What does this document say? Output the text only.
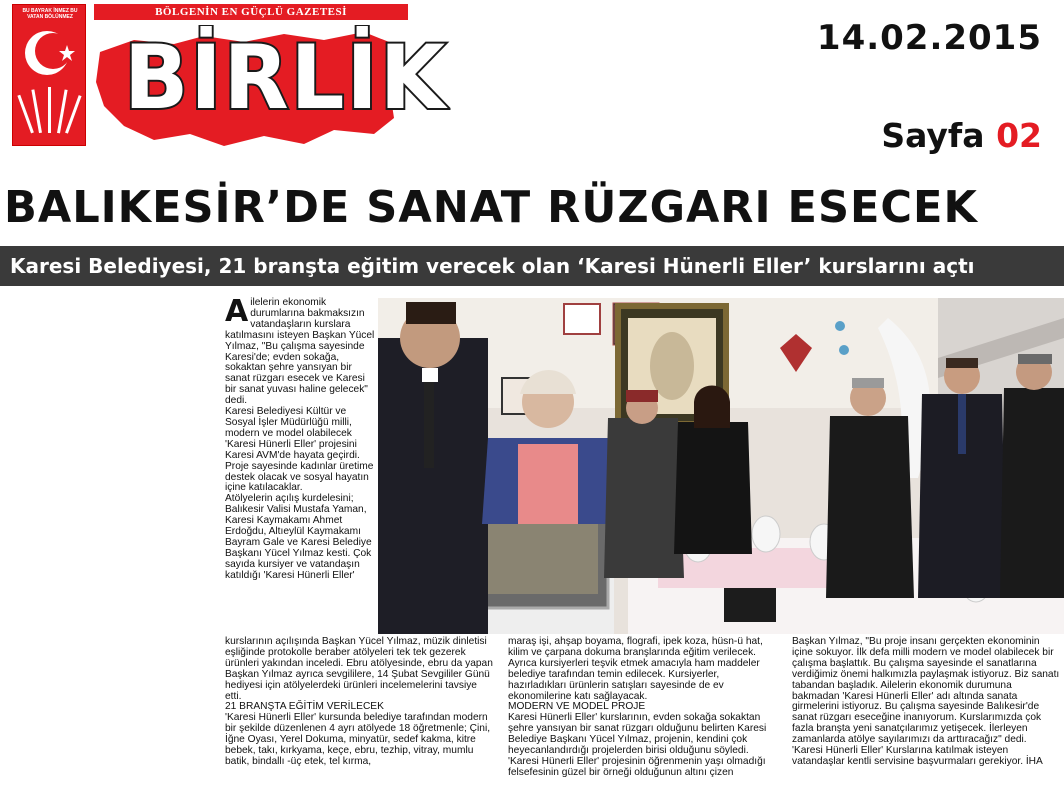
BU BAYRAK İNMEZ BU VATAN BÖLÜNMEZ	BÖLGENİN EN GÜÇLÜ GAZETESİ
BİRLİK	14.02.2015
Sayfa 02
BALIKESİR’DE SANAT RÜZGARI ESECEK
Karesi Belediyesi, 21 branşta eğitim verecek olan ‘Karesi Hünerli Eller’ kurslarını açtı
A ilelerin ekonomik durumlarına bakmaksızın vatandaşların kurslara katılmasını isteyen Başkan Yücel Yılmaz, "Bu çalışma sayesinde Karesi'de; evden sokağa, sokaktan şehre yansıyan bir sanat rüzgarı esecek ve Karesi bir sanat yuvası haline gelecek" dedi.

Karesi Belediyesi Kültür ve Sosyal İşler Müdürlüğü milli, modern ve model olabilecek 'Karesi Hünerli Eller' projesini Karesi AVM'de hayata geçirdi. Proje sayesinde kadınlar üretime destek olacak ve sosyal hayatın içine katılacaklar.

Atölyelerin açılış kurdelesini; Balıkesir Valisi Mustafa Yaman, Karesi Kaymakamı Ahmet Erdoğdu, Altıeylül Kaymakamı Bayram Gale ve Karesi Belediye Başkanı Yücel Yılmaz kesti. Çok sayıda kursiyer ve vatandaşın katıldığı 'Karesi Hünerli Eller'

kurslarının açılışında Başkan Yücel Yılmaz, müzik dinletisi eşliğinde protokolle beraber atölyeleri tek tek gezerek ürünleri yakından inceledi. Ebru atölyesinde, ebru da yapan Başkan Yılmaz ayrıca sevgililere, 14 Şubat Sevgililer Günü hediyesi için atölyelerdeki ürünleri incelemelerini tavsiye etti.

21 BRANŞTA EĞİTİM VERİLECEK

'Karesi Hünerli Eller' kursunda belediye tarafından modern bir şekilde düzenlenen 4 ayrı atölyede 18 öğretmenle; Çini, İğne Oyası, Yerel Dokuma, minyatür, sedef kakma, kitre bebek, takı, kırkyama, keçe, ebru, tezhip, vitray, mumlu batik, bindallı -üç etek, tel kırma,

maraş işi, ahşap boyama, flografi, ipek koza, hüsn-ü hat, kilim ve çarpana dokuma branşlarında eğitim verilecek. Ayrıca kursiyerleri teşvik etmek amacıyla ham maddeler belediye tarafından temin edilecek. Kursiyerler, hazırladıkları ürünlerin satışları sayesinde de ev ekonomilerine katı sağlayacak.

MODERN VE MODEL PROJE

Karesi Hünerli Eller' kurslarının, evden sokağa sokaktan şehre yansıyan bir sanat rüzgarı olduğunu belirten Karesi Belediye Başkanı Yücel Yılmaz, projenin, kendini çok heyecanlandırdığı projelerden birisi olduğunu söyledi. 'Karesi Hünerli Eller' projesinin öğrenmenin yaşı olmadığı felsefesinin güzel bir örneği olduğunun altını çizen

Başkan Yılmaz, "Bu proje insanı gerçekten ekonominin içine sokuyor. İlk defa milli modern ve model olabilecek bir çalışma başlattık. Bu çalışma sayesinde el sanatlarına verdiğimiz önemi halkımızla paylaşmak istiyoruz. Biz sanatı tabandan başladık. Ailelerin ekonomik durumuna bakmadan 'Karesi Hünerli Eller' adı altında sanata girmelerini istiyoruz. Bu çalışma sayesinde Balıkesir'de sanat rüzgarı eseceğine inanıyorum. Kurslarımızda çok fazla branşta yeni sanatçılarımız yetişecek. İlerleyen zamanlarda atölye sayılarımızı da arttıracağız" dedi.

'Karesi Hünerli Eller' Kurslarına katılmak isteyen vatandaşlar kentli servisine başvurmaları gerekiyor. İHA
